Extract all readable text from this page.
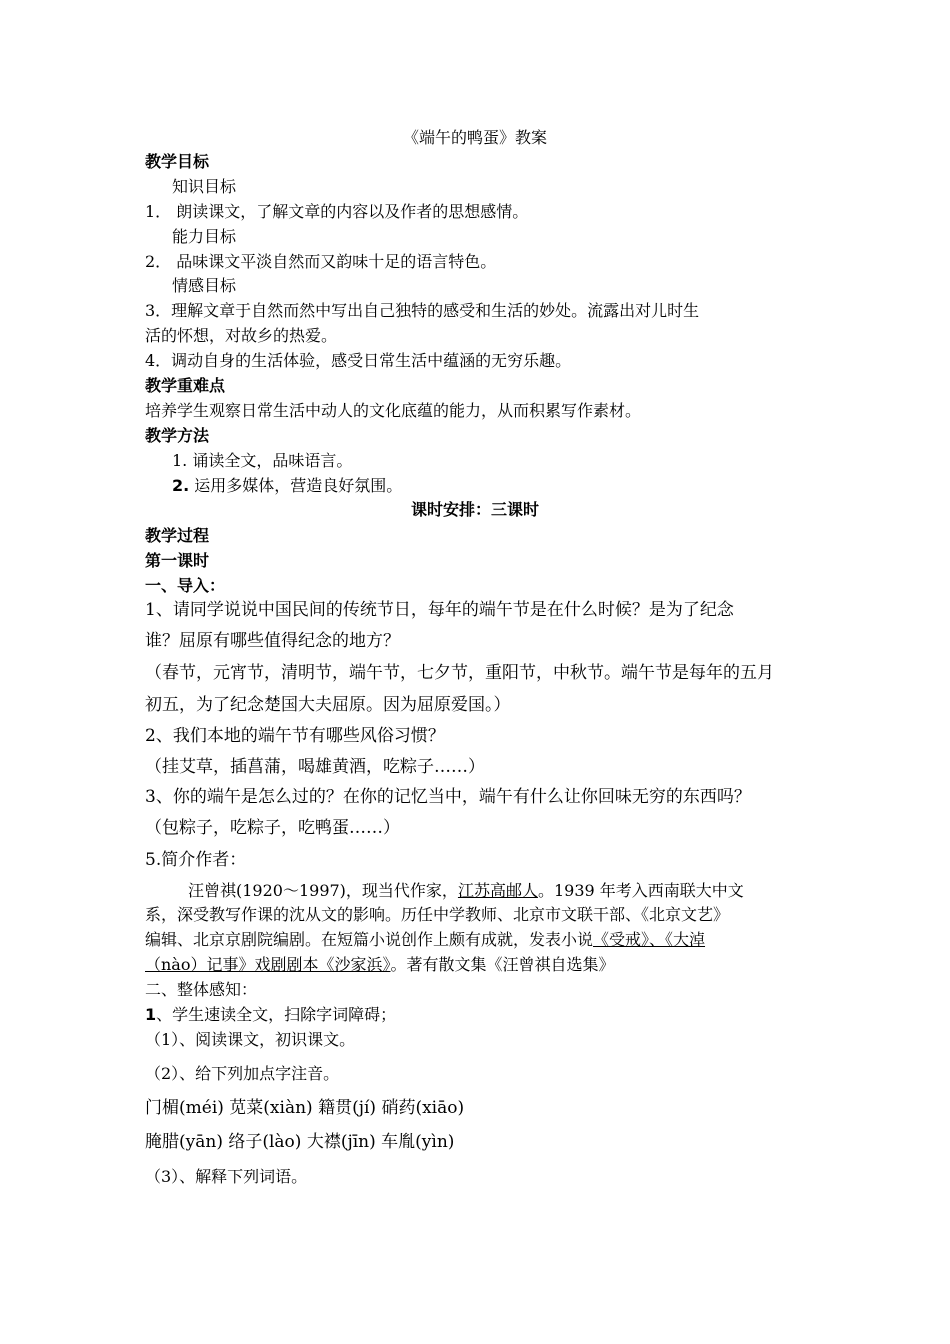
《端午的鸭蛋》教案
教学目标
知识目标
1． 朗读课文，了解文章的内容以及作者的思想感情。
能力目标
2． 品味课文平淡自然而又韵味十足的语言特色。
情感目标
3．理解文章于自然而然中写出自己独特的感受和生活的妙处。流露出对儿时生
活的怀想，对故乡的热爱。
4．调动自身的生活体验，感受日常生活中蕴涵的无穷乐趣。
教学重难点
培养学生观察日常生活中动人的文化底蕴的能力，从而积累写作素材。
教学方法
1. 诵读全文，品味语言。
2. 运用多媒体，营造良好氛围。
课时安排：三课时
教学过程
第一课时
一、导入：
1、请同学说说中国民间的传统节日，每年的端午节是在什么时候？是为了纪念
谁？屈原有哪些值得纪念的地方？
（春节，元宵节，清明节，端午节，七夕节，重阳节，中秋节。端午节是每年的五月
初五，为了纪念楚国大夫屈原。因为屈原爱国。）
2、我们本地的端午节有哪些风俗习惯？
（挂艾草，插菖蒲，喝雄黄酒，吃粽子……）
3、你的端午是怎么过的？在你的记忆当中，端午有什么让你回味无穷的东西吗？
（包粽子，吃粽子，吃鸭蛋……）
5.简介作者：
汪曾祺(1920～1997)，现当代作家，江苏高邮人。1939 年考入西南联大中文
系，深受教写作课的沈从文的影响。历任中学教师、北京市文联干部、《北京文艺》
编辑、北京京剧院编剧。在短篇小说创作上颇有成就，发表小说《受戒》、《大淖
（nào）记事》戏剧剧本《沙家浜》。著有散文集《汪曾祺自选集》
二、整体感知：
1、学生速读全文，扫除字词障碍；
（1）、阅读课文，初识课文。
（2）、给下列加点字注音。
门楣(méi) 苋菜(xiàn) 籍贯(jí) 硝药(xiāo)
腌腊(yān) 络子(lào) 大襟(jīn) 车胤(yìn)
（3）、解释下列词语。
